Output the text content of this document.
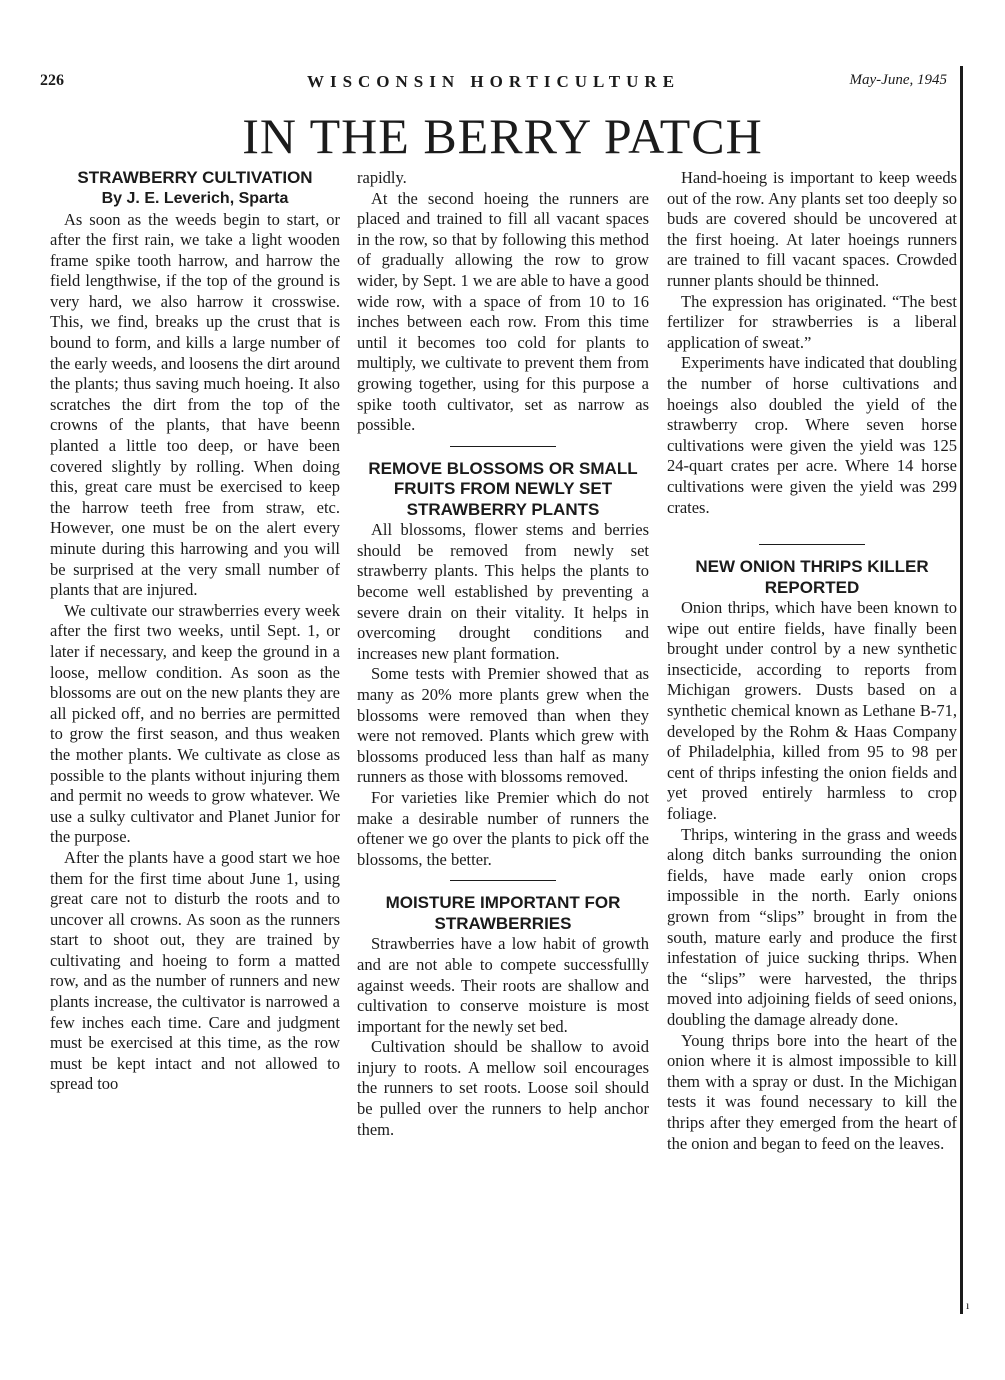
226	WISCONSIN HORTICULTURE	May-June, 1945
IN THE BERRY PATCH
ı
STRAWBERRY CULTIVATION
By J. E. Leverich, Sparta

As soon as the weeds begin to start, or after the first rain, we take a light wooden frame spike tooth harrow, and harrow the field lengthwise, if the top of the ground is very hard, we also harrow it crosswise. This, we find, breaks up the crust that is bound to form, and kills a large number of the early weeds, and loosens the dirt around the plants; thus saving much hoeing. It also scratches the dirt from the top of the crowns of the plants, that have beenn planted a little too deep, or have been covered slightly by rolling. When doing this, great care must be exercised to keep the harrow teeth free from straw, etc. However, one must be on the alert every minute during this harrowing and you will be surprised at the very small number of plants that are injured.

We cultivate our strawberries every week after the first two weeks, until Sept. 1, or later if necessary, and keep the ground in a loose, mellow condition. As soon as the blossoms are out on the new plants they are all picked off, and no berries are permitted to grow the first season, and thus weaken the mother plants. We cultivate as close as possible to the plants without injuring them and permit no weeds to grow whatever. We use a sulky cultivator and Planet Junior for the purpose.

After the plants have a good start we hoe them for the first time about June 1, using great care not to disturb the roots and to uncover all crowns. As soon as the runners start to shoot out, they are trained by cultivating and hoeing to form a matted row, and as the number of runners and new plants increase, the cultivator is narrowed a few inches each time. Care and judgment must be exercised at this time, as the row must be kept intact and not allowed to spread too

rapidly.

At the second hoeing the runners are placed and trained to fill all vacant spaces in the row, so that by following this method of gradually allowing the row to grow wider, by Sept. 1 we are able to have a good wide row, with a space of from 10 to 16 inches between each row. From this time until it becomes too cold for plants to multiply, we cultivate to prevent them from growing together, using for this purpose a spike tooth cultivator, set as narrow as possible.

REMOVE BLOSSOMS OR SMALL FRUITS FROM NEWLY SET STRAWBERRY PLANTS

All blossoms, flower stems and berries should be removed from newly set strawberry plants. This helps the plants to become well established by preventing a severe drain on their vitality. It helps in overcoming drought conditions and increases new plant formation.

Some tests with Premier showed that as many as 20% more plants grew when the blossoms were removed than when they were not removed. Plants which grew with blossoms produced less than half as many runners as those with blossoms removed.

For varieties like Premier which do not make a desirable number of runners the oftener we go over the plants to pick off the blossoms, the better.

MOISTURE IMPORTANT FOR STRAWBERRIES

Strawberries have a low habit of growth and are not able to compete successfullly against weeds. Their roots are shallow and cultivation to conserve moisture is most important for the newly set bed.

Cultivation should be shallow to avoid injury to roots. A mellow soil encourages the runners to set roots. Loose soil should be pulled over the runners to help anchor them.

Hand-hoeing is important to keep weeds out of the row. Any plants set too deeply so buds are covered should be uncovered at the first hoeing. At later hoeings runners are trained to fill vacant spaces. Crowded runner plants should be thinned.

The expression has originated. “The best fertilizer for strawberries is a liberal application of sweat.”

Experiments have indicated that doubling the number of horse cultivations and hoeings also doubled the yield of the strawberry crop. Where seven horse cultivations were given the yield was 125 24-quart crates per acre. Where 14 horse cultivations were given the yield was 299 crates.

NEW ONION THRIPS KILLER REPORTED

Onion thrips, which have been known to wipe out entire fields, have finally been brought under control by a new synthetic insecticide, according to reports from Michigan growers. Dusts based on a synthetic chemical known as Lethane B-71, developed by the Rohm & Haas Company of Philadelphia, killed from 95 to 98 per cent of thrips infesting the onion fields and yet proved entirely harmless to crop foliage.

Thrips, wintering in the grass and weeds along ditch banks surrounding the onion fields, have made early onion crops impossible in the north. Early onions grown from “slips” brought in from the south, mature early and produce the first infestation of juice sucking thrips. When the “slips” were harvested, the thrips moved into adjoining fields of seed onions, doubling the damage already done.

Young thrips bore into the heart of the onion where it is almost impossible to kill them with a spray or dust. In the Michigan tests it was found necessary to kill the thrips after they emerged from the heart of the onion and began to feed on the leaves.
